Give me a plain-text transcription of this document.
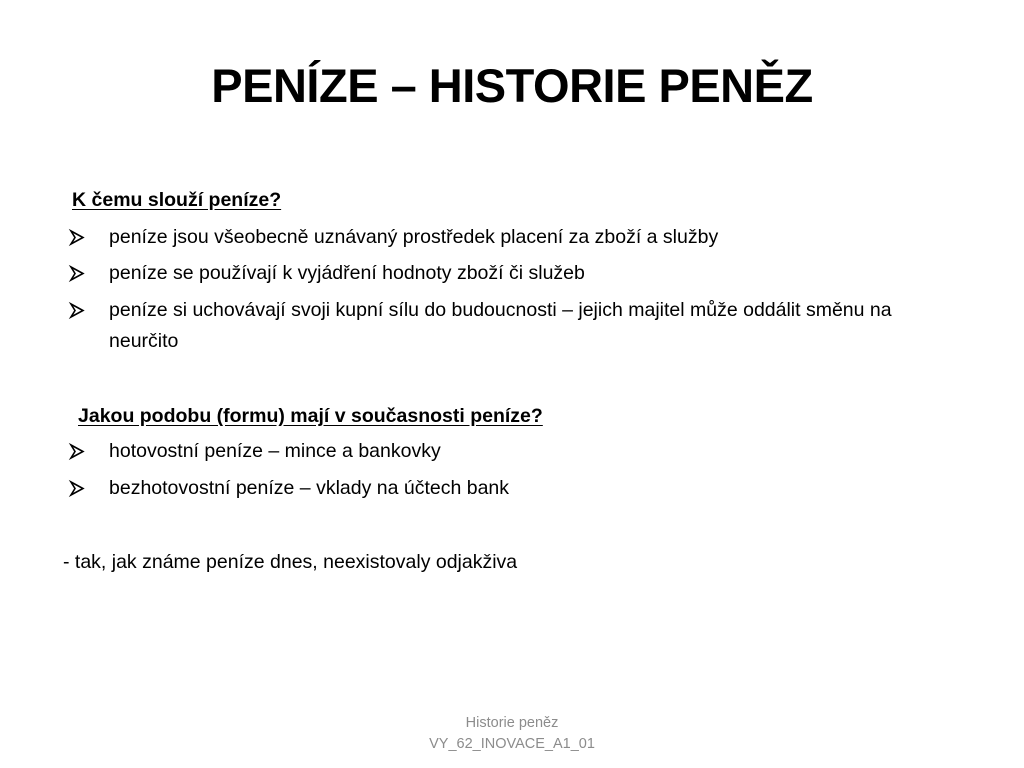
PENÍZE – HISTORIE PENĚZ
K čemu slouží peníze?
peníze jsou všeobecně uznávaný prostředek placení za zboží a služby
peníze se používají k vyjádření hodnoty zboží či služeb
peníze si uchovávají svoji kupní sílu do budoucnosti – jejich majitel může oddálit směnu na neurčito
Jakou podobu (formu) mají v současnosti peníze?
hotovostní peníze – mince a bankovky
bezhotovostní peníze – vklady na účtech bank
- tak, jak známe peníze dnes, neexistovaly odjakživa
Historie peněz
VY_62_INOVACE_A1_01
